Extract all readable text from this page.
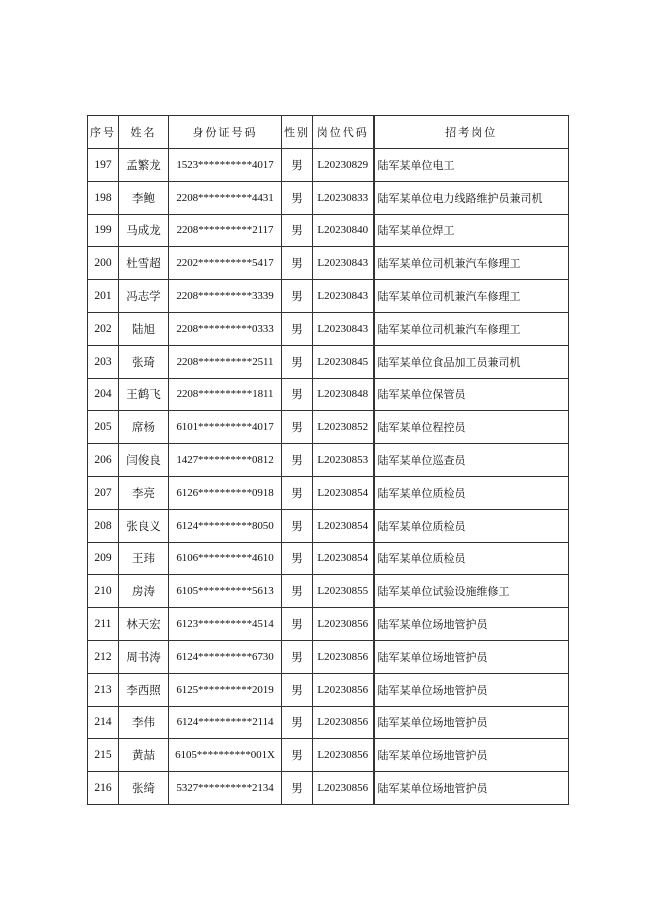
序号	姓名	身份证号码	性别	岗位代码	招考岗位
197	孟繁龙	1523**********4017	男	L20230829	陆军某单位电工
198	李鲍	2208**********4431	男	L20230833	陆军某单位电力线路维护员兼司机
199	马成龙	2208**********2117	男	L20230840	陆军某单位焊工
200	杜雪超	2202**********5417	男	L20230843	陆军某单位司机兼汽车修理工
201	冯志学	2208**********3339	男	L20230843	陆军某单位司机兼汽车修理工
202	陆旭	2208**********0333	男	L20230843	陆军某单位司机兼汽车修理工
203	张琦	2208**********2511	男	L20230845	陆军某单位食品加工员兼司机
204	王鹤飞	2208**********1811	男	L20230848	陆军某单位保管员
205	席杨	6101**********4017	男	L20230852	陆军某单位程控员
206	闫俊良	1427**********0812	男	L20230853	陆军某单位巡查员
207	李亮	6126**********0918	男	L20230854	陆军某单位质检员
208	张良义	6124**********8050	男	L20230854	陆军某单位质检员
209	王玮	6106**********4610	男	L20230854	陆军某单位质检员
210	房涛	6105**********5613	男	L20230855	陆军某单位试验设施维修工
211	林天宏	6123**********4514	男	L20230856	陆军某单位场地管护员
212	周书涛	6124**********6730	男	L20230856	陆军某单位场地管护员
213	李西照	6125**********2019	男	L20230856	陆军某单位场地管护员
214	李伟	6124**********2114	男	L20230856	陆军某单位场地管护员
215	黄喆	6105**********001X	男	L20230856	陆军某单位场地管护员
216	张绮	5327**********2134	男	L20230856	陆军某单位场地管护员
